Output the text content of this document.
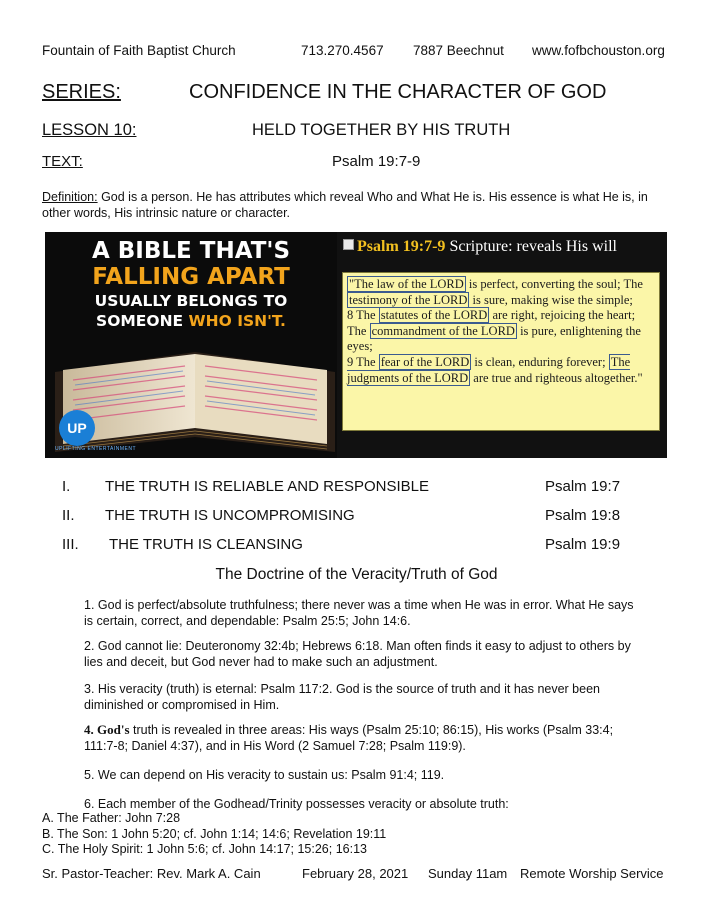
Fountain of Faith Baptist Church	713.270.4567 7887 Beechnut www.fofbchouston.org
SERIES:	CONFIDENCE IN THE CHARACTER OF GOD
LESSON 10:	HELD TOGETHER BY HIS TRUTH
TEXT:	Psalm 19:7-9
Definition: God is a person. He has attributes which reveal Who and What He is. His essence is what He is, in other words, His intrinsic nature or character.
A BIBLE THAT'S
FALLING APART
USUALLY BELONGS TO
SOMEONE WHO ISN'T.
UP
UPLIFTING ENTERTAINMENT
Psalm 19:7-9 Scripture: reveals His will
"The law of the LORD is perfect, converting the soul; The testimony of the LORD is sure, making wise the simple;
8 The statutes of the LORD are right, rejoicing the heart; The commandment of the LORD is pure, enlightening the eyes;
9 The fear of the LORD is clean, enduring forever; The judgments of the LORD are true and righteous altogether."
I. THE TRUTH IS RELIABLE AND RESPONSIBLE	Psalm 19:7
II. THE TRUTH IS UNCOMPROMISING	Psalm 19:8
III. THE TRUTH IS CLEANSING	Psalm 19:9
The Doctrine of the Veracity/Truth of God
1. God is perfect/absolute truthfulness; there never was a time when He was in error. What He says is certain, correct, and dependable: Psalm 25:5; John 14:6.
2. God cannot lie: Deuteronomy 32:4b; Hebrews 6:18. Man often finds it easy to adjust to others by lies and deceit, but God never had to make such an adjustment.
3. His veracity (truth) is eternal: Psalm 117:2. God is the source of truth and it has never been diminished or compromised in Him.
4. God's truth is revealed in three areas: His ways (Psalm 25:10; 86:15), His works (Psalm 33:4; 111:7-8; Daniel 4:37), and in His Word (2 Samuel 7:28; Psalm 119:9).
5. We can depend on His veracity to sustain us: Psalm 91:4; 119.
6. Each member of the Godhead/Trinity possesses veracity or absolute truth:
A. The Father: John 7:28
B. The Son: 1 John 5:20; cf. John 1:14; 14:6; Revelation 19:11
C. The Holy Spirit: 1 John 5:6; cf. John 14:17; 15:26; 16:13
Sr. Pastor-Teacher: Rev. Mark A. Cain	February 28, 2021 Sunday 11am Remote Worship Service
